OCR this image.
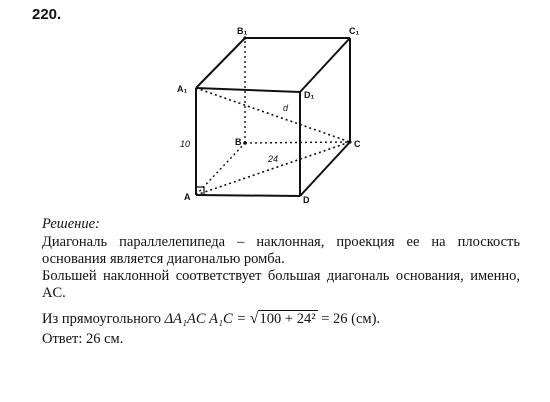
220.
B₁	C₁
A₁
D₁
B	C
A	D
10
d
24
Решение:
Диагональ параллелепипеда – наклонная, проекция ее на плоскость основания является диагональю ромба.
Большей наклонной соответствует большая диагональ основания, именно, AC.
Из прямоугольного ΔA₁AC A₁C = √100 + 24² = 26 (см).
Ответ: 26 см.
